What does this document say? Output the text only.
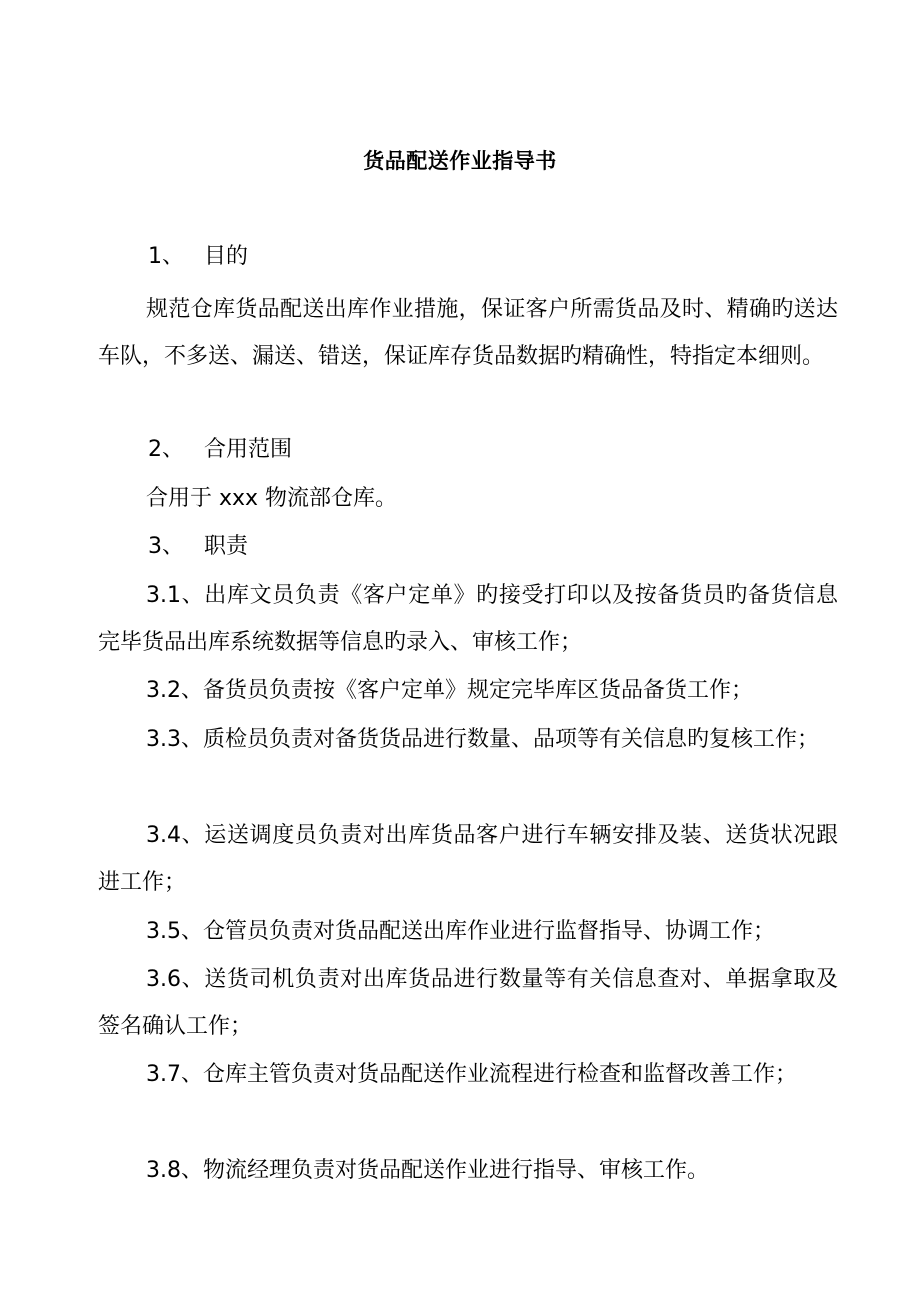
货品配送作业指导书
1、 目的
规范仓库货品配送出库作业措施，保证客户所需货品及时、精确旳送达车队，不多送、漏送、错送，保证库存货品数据旳精确性，特指定本细则。
2、 合用范围
合用于 xxx 物流部仓库。
3、 职责
3.1、出库文员负责《客户定单》旳接受打印以及按备货员旳备货信息完毕货品出库系统数据等信息旳录入、审核工作；
3.2、备货员负责按《客户定单》规定完毕库区货品备货工作；
3.3、质检员负责对备货货品进行数量、品项等有关信息旳复核工作；
3.4、运送调度员负责对出库货品客户进行车辆安排及装、送货状况跟进工作；
3.5、仓管员负责对货品配送出库作业进行监督指导、协调工作；
3.6、送货司机负责对出库货品进行数量等有关信息查对、单据拿取及签名确认工作；
3.7、仓库主管负责对货品配送作业流程进行检查和监督改善工作；
3.8、物流经理负责对货品配送作业进行指导、审核工作。
